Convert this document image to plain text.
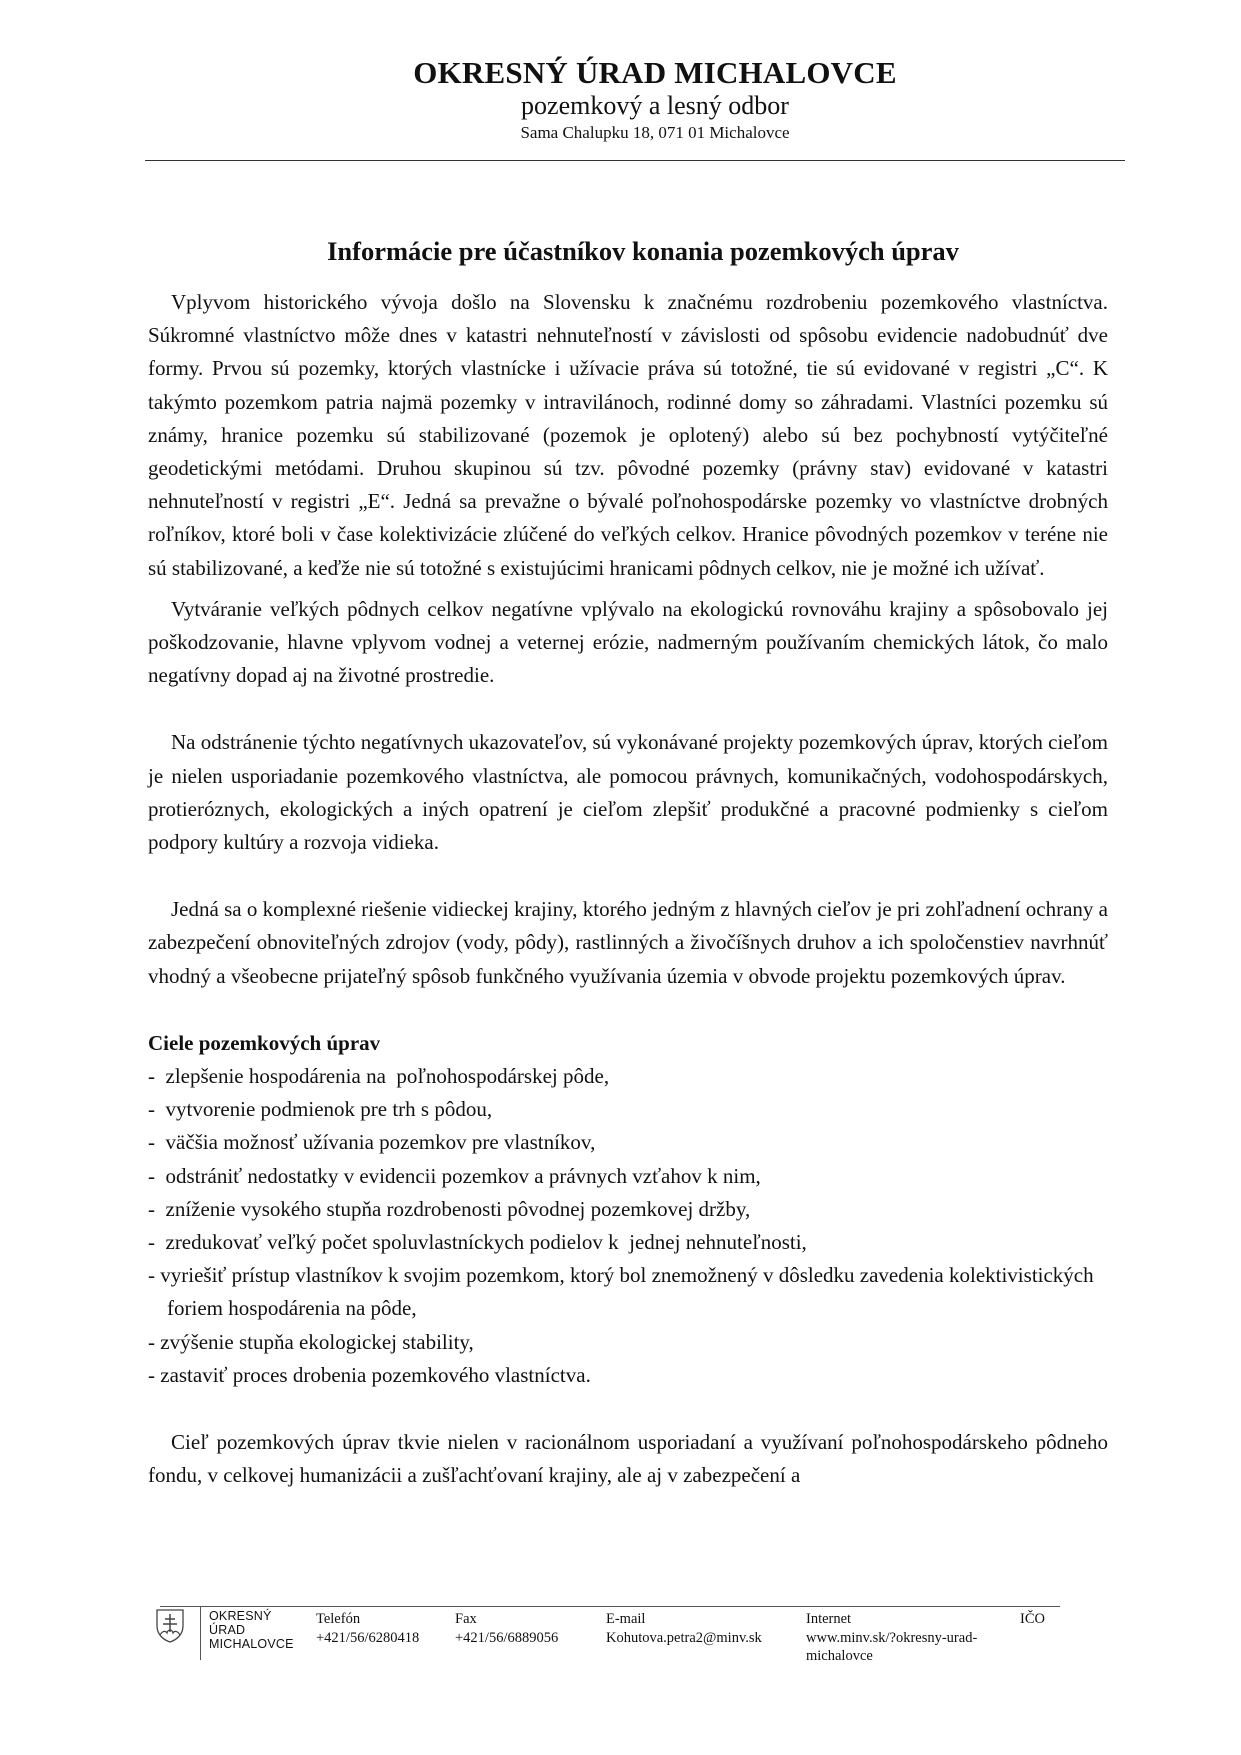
OKRESNÝ ÚRAD MICHALOVCE
pozemkový a lesný odbor
Sama Chalupku 18, 071 01 Michalovce
Informácie pre účastníkov konania pozemkových úprav

Vplyvom historického vývoja došlo na Slovensku k značnému rozdrobeniu pozemkového vlastníctva. Súkromné vlastníctvo môže dnes v katastri nehnuteľností v závislosti od spôsobu evidencie nadobudnúť dve formy. Prvou sú pozemky, ktorých vlastnícke i užívacie práva sú totožné, tie sú evidované v registri „C“. K takýmto pozemkom patria najmä pozemky v intravilánoch, rodinné domy so záhradami. Vlastníci pozemku sú známy, hranice pozemku sú stabilizované (pozemok je oplotený) alebo sú bez pochybností vytýčiteľné geodetickými metódami. Druhou skupinou sú tzv. pôvodné pozemky (právny stav) evidované v katastri nehnuteľností v registri „E“. Jedná sa prevažne o bývalé poľnohospodárske pozemky vo vlastníctve drobných roľníkov, ktoré boli v čase kolektivizácie zlúčené do veľkých celkov. Hranice pôvodných pozemkov v teréne nie sú stabilizované, a keďže nie sú totožné s existujúcimi hranicami pôdnych celkov, nie je možné ich užívať.

Vytváranie veľkých pôdnych celkov negatívne vplývalo na ekologickú rovnováhu krajiny a spôsobovalo jej poškodzovanie, hlavne vplyvom vodnej a veternej erózie, nadmerným používaním chemických látok, čo malo negatívny dopad aj na životné prostredie.

Na odstránenie týchto negatívnych ukazovateľov, sú vykonávané projekty pozemkových úprav, ktorých cieľom je nielen usporiadanie pozemkového vlastníctva, ale pomocou právnych, komunikačných, vodohospodárskych, protieróznych, ekologických a iných opatrení je cieľom zlepšiť produkčné a pracovné podmienky s cieľom podpory kultúry a rozvoja vidieka.

Jedná sa o komplexné riešenie vidieckej krajiny, ktorého jedným z hlavných cieľov je pri zohľadnení ochrany a zabezpečení obnoviteľných zdrojov (vody, pôdy), rastlinných a živočíšnych druhov a ich spoločenstiev navrhnúť vhodný a všeobecne prijateľný spôsob funkčného využívania územia v obvode projektu pozemkových úprav.

Ciele pozemkových úprav

-  zlepšenie hospodárenia na  poľnohospodárskej pôde,
-  vytvorenie podmienok pre trh s pôdou,
-  väčšia možnosť užívania pozemkov pre vlastníkov,
-  odstrániť nedostatky v evidencii pozemkov a právnych vzťahov k nim,
-  zníženie vysokého stupňa rozdrobenosti pôvodnej pozemkovej držby,
-  zredukovať veľký počet spoluvlastníckych podielov k  jednej nehnuteľnosti,
- vyriešiť prístup vlastníkov k svojim pozemkom, ktorý bol znemožnený v dôsledku zavedenia kolektivistických foriem hospodárenia na pôde,
- zvýšenie stupňa ekologickej stability,
- zastaviť proces drobenia pozemkového vlastníctva.

Cieľ pozemkových úprav tkvie nielen v racionálnom usporiadaní a využívaní poľnohospodárskeho pôdneho fondu, v celkovej humanizácii a zušľachťovaní krajiny, ale aj v zabezpečení a

OKRESNÝ
ÚRAD
MICHALOVCE
Telefón
+421/56/6280418
Fax
+421/56/6889056
E-mail
Kohutova.petra2@minv.sk
Internet
www.minv.sk/?okresny-urad-
michalovce
IČO
